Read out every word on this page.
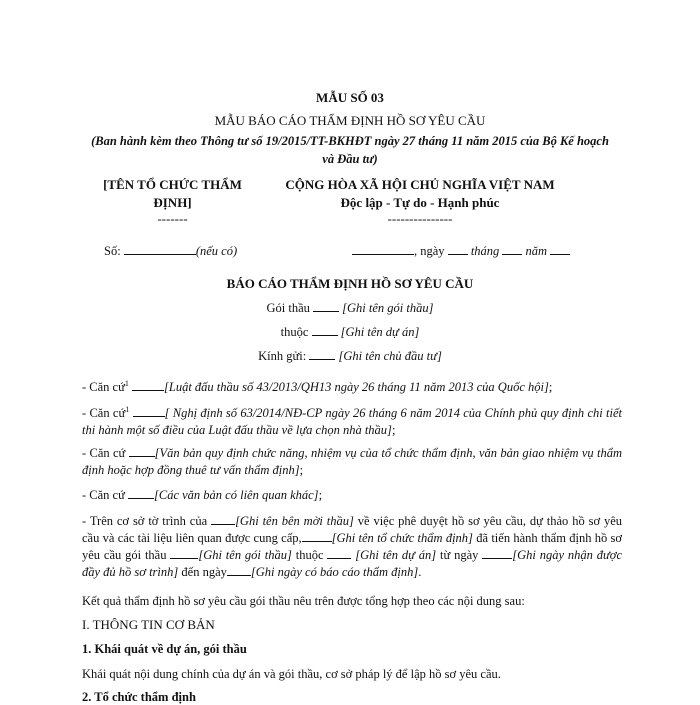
MẪU SỐ 03
MẪU BÁO CÁO THẨM ĐỊNH HỒ SƠ YÊU CẦU
(Ban hành kèm theo Thông tư số 19/2015/TT-BKHĐT ngày 27 tháng 11 năm 2015 của Bộ Kế hoạch và Đầu tư)
[TÊN TỔ CHỨC THẨM
ĐỊNH]
-------
CỘNG HÒA XÃ HỘI CHỦ NGHĨA VIỆT NAM
Độc lập - Tự do - Hạnh phúc
---------------
Số:	(nếu có)	, ngày tháng năm
BÁO CÁO THẨM ĐỊNH HỒ SƠ YÊU CẦU
Gói thầu	[Ghi tên gói thầu]
thuộc	[Ghi tên dự án]
Kính gửi:	[Ghi tên chủ đầu tư]
- Căn cứ$^1$	[Luật đấu thầu số 43/2013/QH13 ngày 26 tháng 11 năm 2013 của Quốc hội];
- Căn cứ$^1$	[ Nghị định số 63/2014/NĐ-CP ngày 26 tháng 6 năm 2014 của Chính phủ quy định chi tiết thi hành một số điều của Luật đấu thầu về lựa chọn nhà thầu];
- Căn cứ [Văn bản quy định chức năng, nhiệm vụ của tổ chức thẩm định, văn bản giao nhiệm vụ thẩm định hoặc hợp đồng thuê tư vấn thẩm định];
- Căn cứ [Các văn bản có liên quan khác];
- Trên cơ sở tờ trình của [Ghi tên bên mời thầu] về việc phê duyệt hồ sơ yêu cầu, dự thảo hồ sơ yêu cầu và các tài liệu liên quan được cung cấp, [Ghi tên tổ chức thẩm định] đã tiến hành thẩm định hồ sơ yêu cầu gói thầu	[Ghi tên gói thầu] thuộc	[Ghi tên dự án] từ ngày	[Ghi ngày nhận được đầy đủ hồ sơ trình] đến ngày [Ghi ngày có báo cáo thẩm định].
Kết quả thẩm định hồ sơ yêu cầu gói thầu nêu trên được tổng hợp theo các nội dung sau:
I. THÔNG TIN CƠ BẢN
1. Khái quát về dự án, gói thầu
Khái quát nội dung chính của dự án và gói thầu, cơ sở pháp lý để lập hồ sơ yêu cầu.
2. Tổ chức thẩm định
